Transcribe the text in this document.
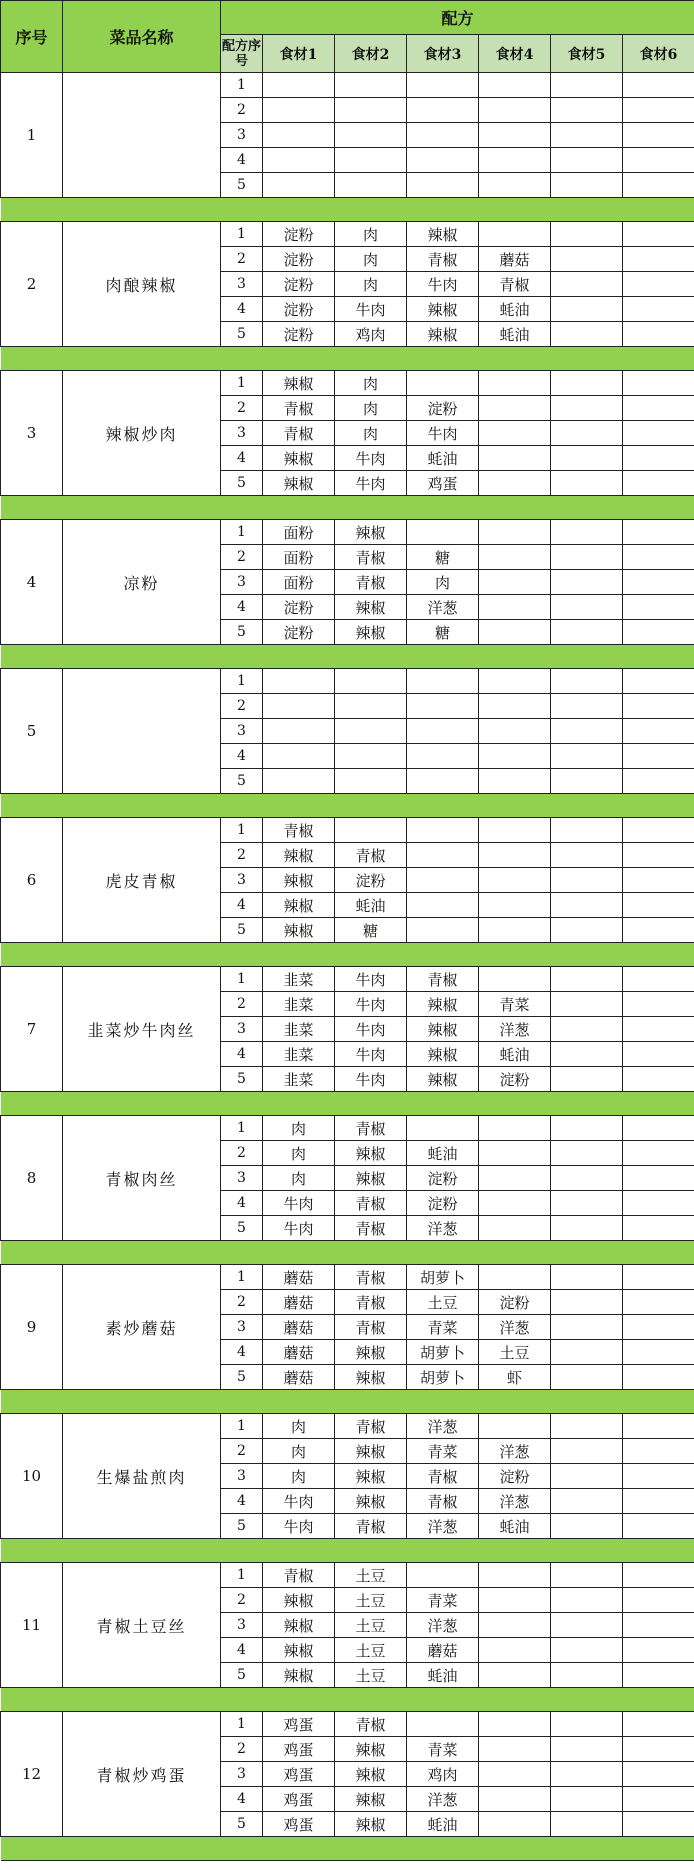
序号	菜品名称	配方						
		配方序号	食材1	食材2	食材3	食材4	食材5	食材6
1		1						
		2						
		3						
		4						
		5						

2	肉酿辣椒	1	淀粉	肉	辣椒			
		2	淀粉	肉	青椒	蘑菇		
		3	淀粉	肉	牛肉	青椒		
		4	淀粉	牛肉	辣椒	蚝油		
		5	淀粉	鸡肉	辣椒	蚝油		

3	辣椒炒肉	1	辣椒	肉				
		2	青椒	肉	淀粉			
		3	青椒	肉	牛肉			
		4	辣椒	牛肉	蚝油			
		5	辣椒	牛肉	鸡蛋			

4	凉粉	1	面粉	辣椒				
		2	面粉	青椒	糖			
		3	面粉	青椒	肉			
		4	淀粉	辣椒	洋葱			
		5	淀粉	辣椒	糖			

5		1						
		2						
		3						
		4						
		5						

6	虎皮青椒	1	青椒					
		2	辣椒	青椒				
		3	辣椒	淀粉				
		4	辣椒	蚝油				
		5	辣椒	糖				

7	韭菜炒牛肉丝	1	韭菜	牛肉	青椒			
		2	韭菜	牛肉	辣椒	青菜		
		3	韭菜	牛肉	辣椒	洋葱		
		4	韭菜	牛肉	辣椒	蚝油		
		5	韭菜	牛肉	辣椒	淀粉		

8	青椒肉丝	1	肉	青椒				
		2	肉	辣椒	蚝油			
		3	肉	辣椒	淀粉			
		4	牛肉	青椒	淀粉			
		5	牛肉	青椒	洋葱			

9	素炒蘑菇	1	蘑菇	青椒	胡萝卜			
		2	蘑菇	青椒	土豆	淀粉		
		3	蘑菇	青椒	青菜	洋葱		
		4	蘑菇	辣椒	胡萝卜	土豆		
		5	蘑菇	辣椒	胡萝卜	虾		

10	生爆盐煎肉	1	肉	青椒	洋葱			
		2	肉	辣椒	青菜	洋葱		
		3	肉	辣椒	青椒	淀粉		
		4	牛肉	辣椒	青椒	洋葱		
		5	牛肉	青椒	洋葱	蚝油		

11	青椒土豆丝	1	青椒	土豆				
		2	辣椒	土豆	青菜			
		3	辣椒	土豆	洋葱			
		4	辣椒	土豆	蘑菇			
		5	辣椒	土豆	蚝油			

12	青椒炒鸡蛋	1	鸡蛋	青椒				
		2	鸡蛋	辣椒	青菜			
		3	鸡蛋	辣椒	鸡肉			
		4	鸡蛋	辣椒	洋葱			
		5	鸡蛋	辣椒	蚝油			
